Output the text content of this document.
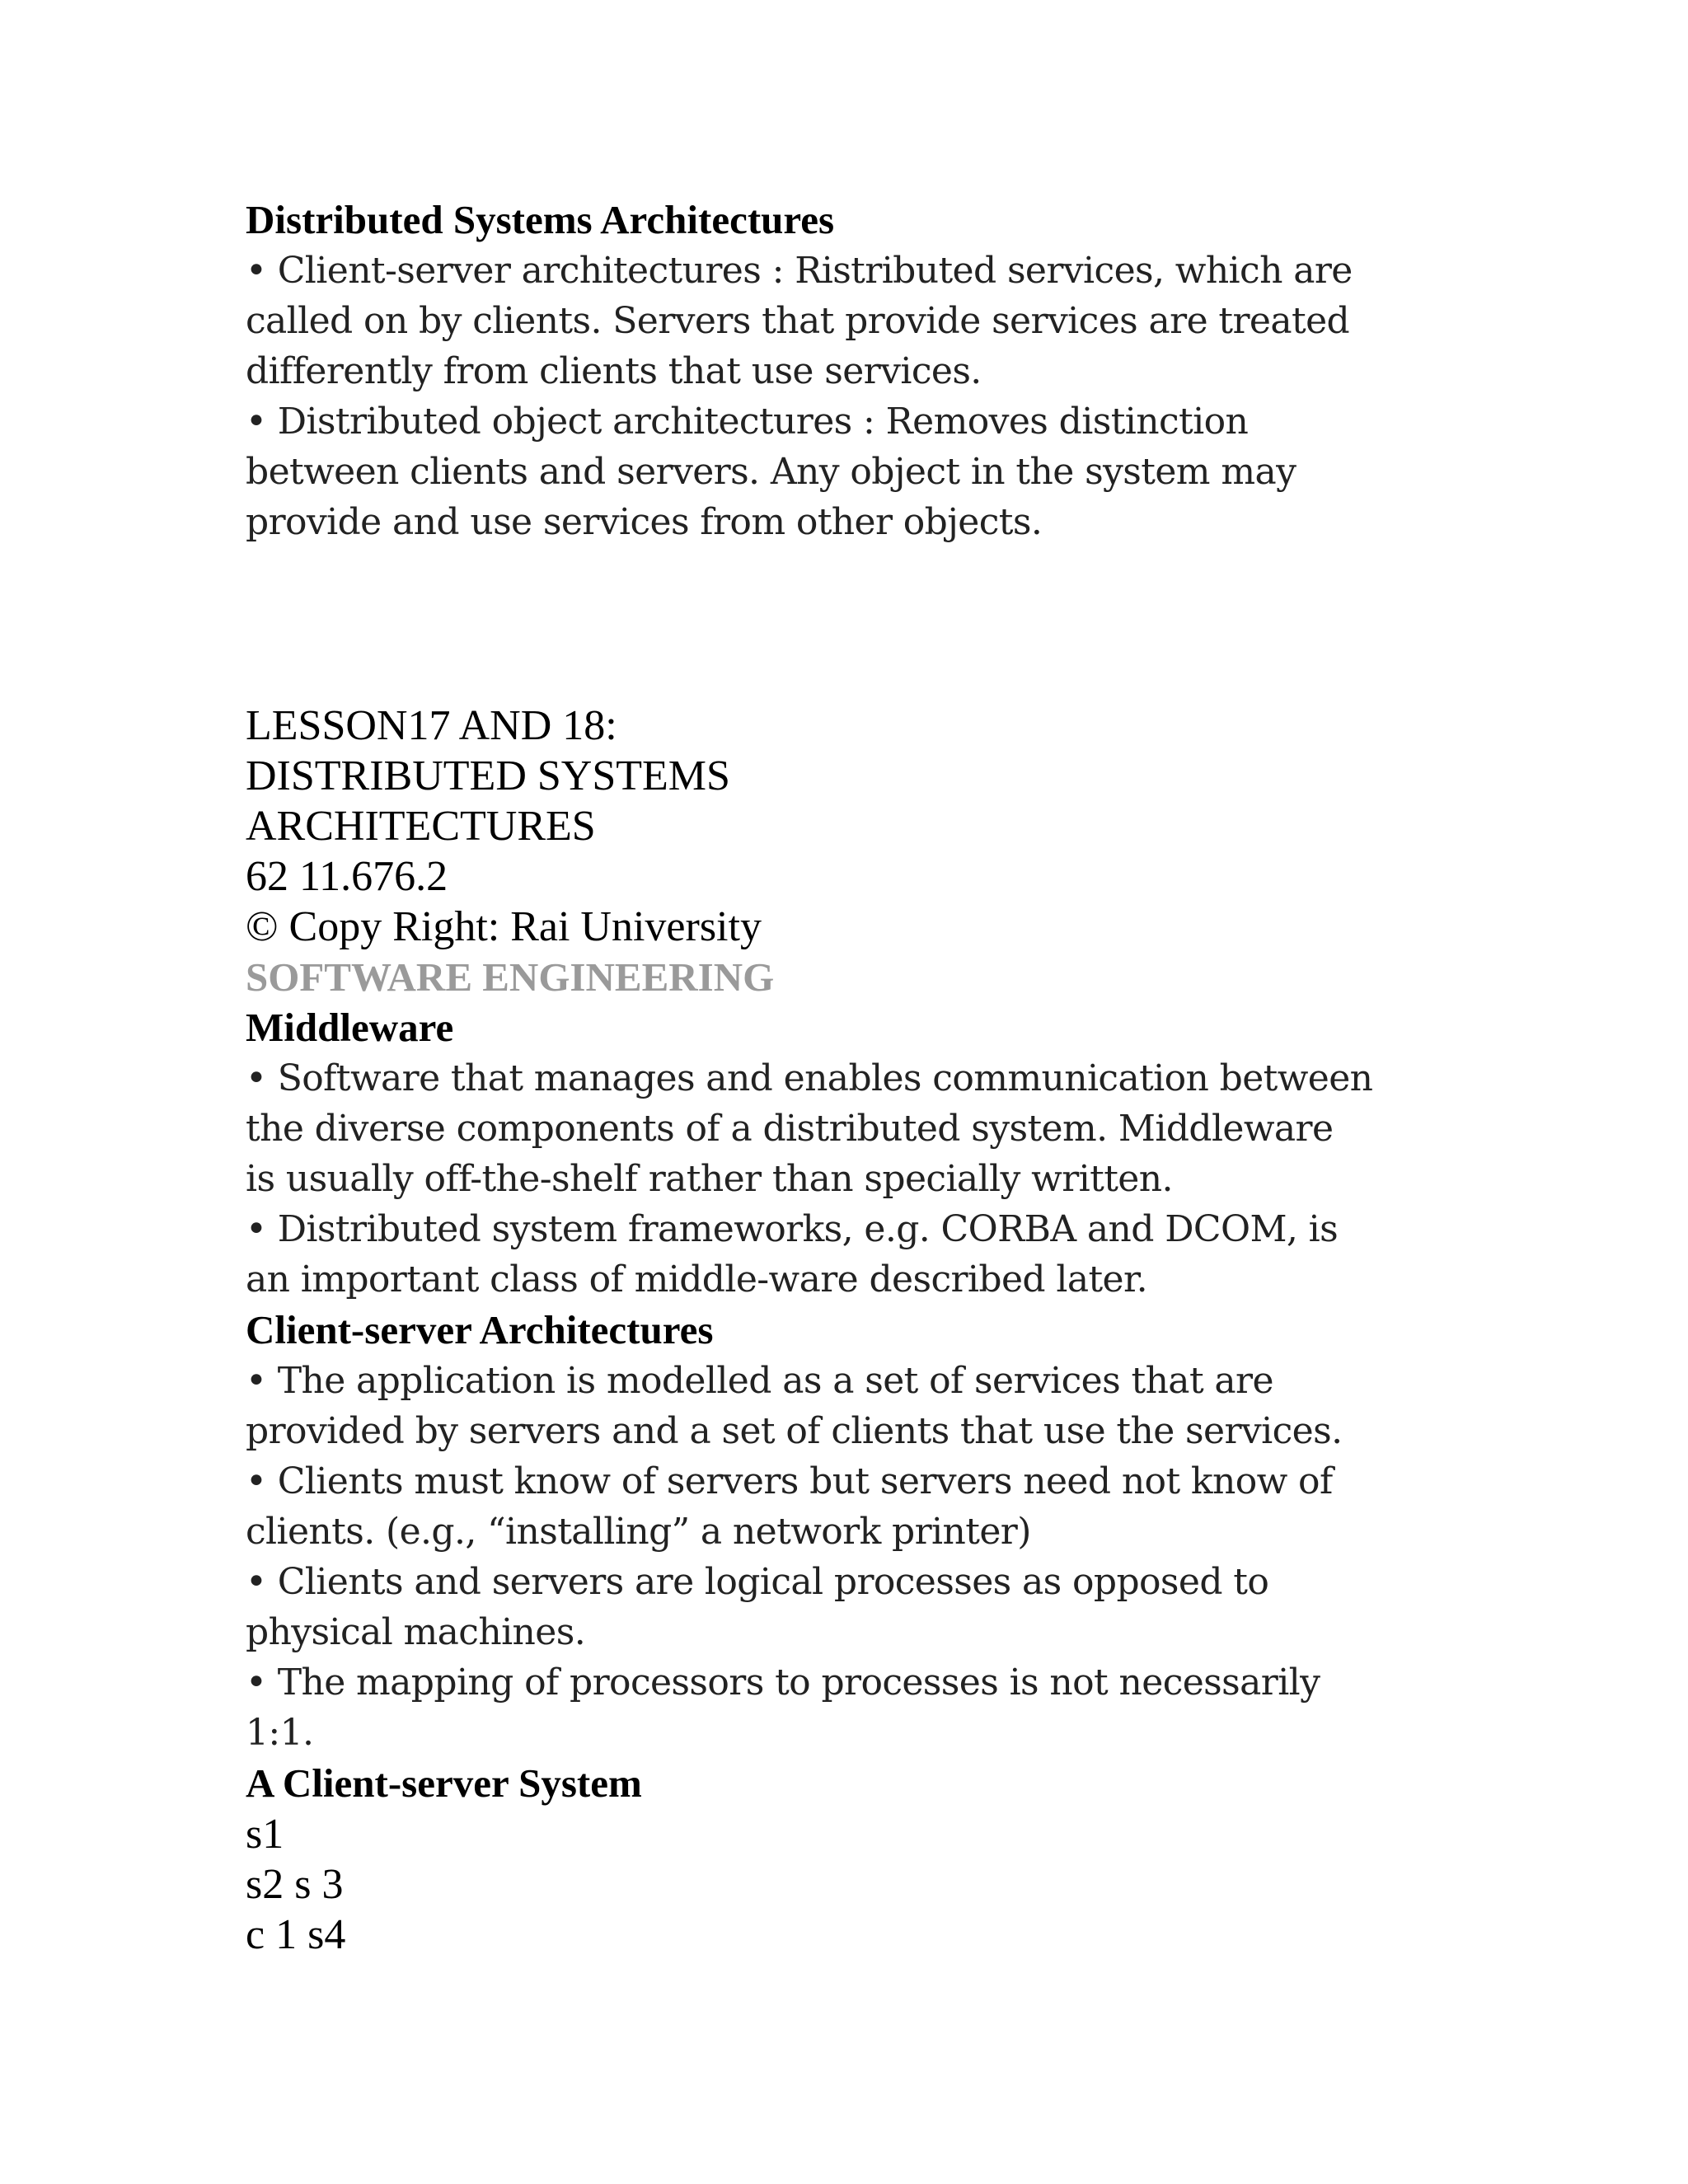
Distributed Systems Architectures

• Client-server architectures : Ristributed services, which are

called on by clients. Servers that provide services are treated

differently from clients that use services.

• Distributed object architectures : Removes distinction

between clients and servers. Any object in the system may

provide and use services from other objects.

LESSON17 AND 18:

DISTRIBUTED SYSTEMS

ARCHITECTURES

62 11.676.2

© Copy Right: Rai University

SOFTWARE ENGINEERING

Middleware

• Software that manages and enables communication between

the diverse components of a distributed system. Middleware

is usually off-the-shelf rather than specially written.

• Distributed system frameworks, e.g. CORBA and DCOM, is

an important class of middle-ware described later.

Client-server Architectures

• The application is modelled as a set of services that are

provided by servers and a set of clients that use the services.

• Clients must know of servers but servers need not know of

clients. (e.g., “installing” a network printer)

• Clients and servers are logical processes as opposed to

physical machines.

• The mapping of processors to processes is not necessarily

1:1.

A Client-server System

s1

s2 s 3

c 1 s4
